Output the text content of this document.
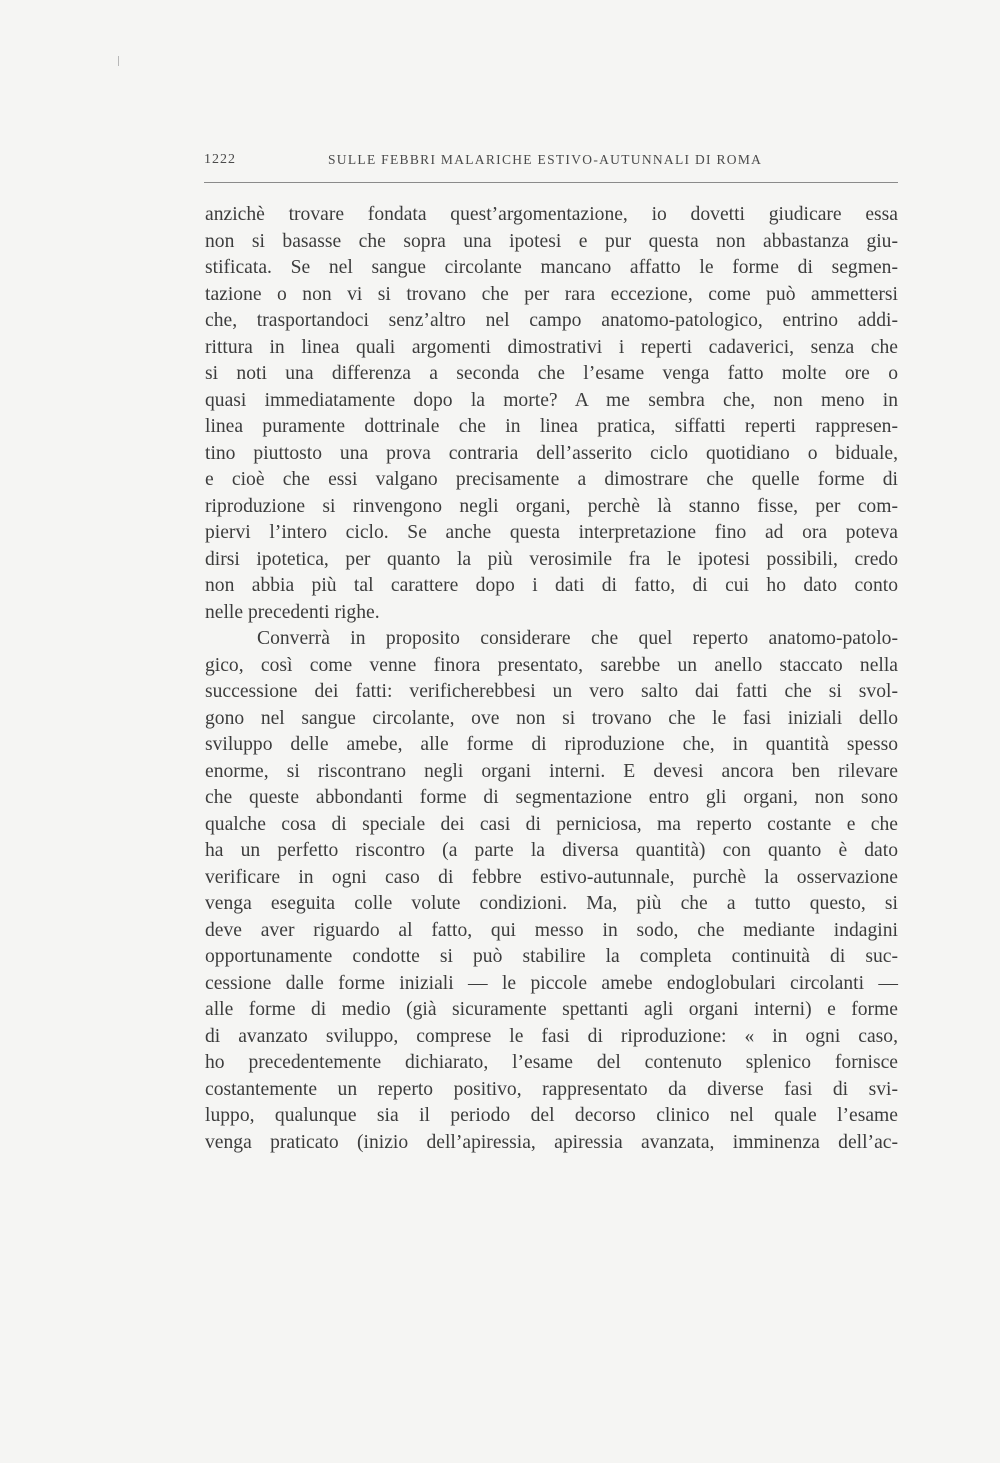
1222	SULLE FEBBRI MALARICHE ESTIVO-AUTUNNALI DI ROMA
anzichè trovare fondata quest’argomentazione, io dovetti giudicare essa
non si basasse che sopra una ipotesi e pur questa non abbastanza giu-
stificata. Se nel sangue circolante mancano affatto le forme di segmen-
tazione o non vi si trovano che per rara eccezione, come può ammettersi
che, trasportandoci senz’altro nel campo anatomo-patologico, entrino addi-
rittura in linea quali argomenti dimostrativi i reperti cadaverici, senza che
si noti una differenza a seconda che l’esame venga fatto molte ore o
quasi immediatamente dopo la morte? A me sembra che, non meno in
linea puramente dottrinale che in linea pratica, siffatti reperti rappresen-
tino piuttosto una prova contraria dell’asserito ciclo quotidiano o biduale,
e cioè che essi valgano precisamente a dimostrare che quelle forme di
riproduzione si rinvengono negli organi, perchè là stanno fisse, per com-
piervi l’intero ciclo. Se anche questa interpretazione fino ad ora poteva
dirsi ipotetica, per quanto la più verosimile fra le ipotesi possibili, credo
non abbia più tal carattere dopo i dati di fatto, di cui ho dato conto
nelle precedenti righe.
Converrà in proposito considerare che quel reperto anatomo-patolo-
gico, così come venne finora presentato, sarebbe un anello staccato nella
successione dei fatti: verificherebbesi un vero salto dai fatti che si svol-
gono nel sangue circolante, ove non si trovano che le fasi iniziali dello
sviluppo delle amebe, alle forme di riproduzione che, in quantità spesso
enorme, si riscontrano negli organi interni. E devesi ancora ben rilevare
che queste abbondanti forme di segmentazione entro gli organi, non sono
qualche cosa di speciale dei casi di perniciosa, ma reperto costante e che
ha un perfetto riscontro (a parte la diversa quantità) con quanto è dato
verificare in ogni caso di febbre estivo-autunnale, purchè la osservazione
venga eseguita colle volute condizioni. Ma, più che a tutto questo, si
deve aver riguardo al fatto, qui messo in sodo, che mediante indagini
opportunamente condotte si può stabilire la completa continuità di suc-
cessione dalle forme iniziali — le piccole amebe endoglobulari circolanti —
alle forme di medio (già sicuramente spettanti agli organi interni) e forme
di avanzato sviluppo, comprese le fasi di riproduzione: « in ogni caso,
ho precedentemente dichiarato, l’esame del contenuto splenico fornisce
costantemente un reperto positivo, rappresentato da diverse fasi di svi-
luppo, qualunque sia il periodo del decorso clinico nel quale l’esame
venga praticato (inizio dell’apiressia, apiressia avanzata, imminenza dell’ac-
